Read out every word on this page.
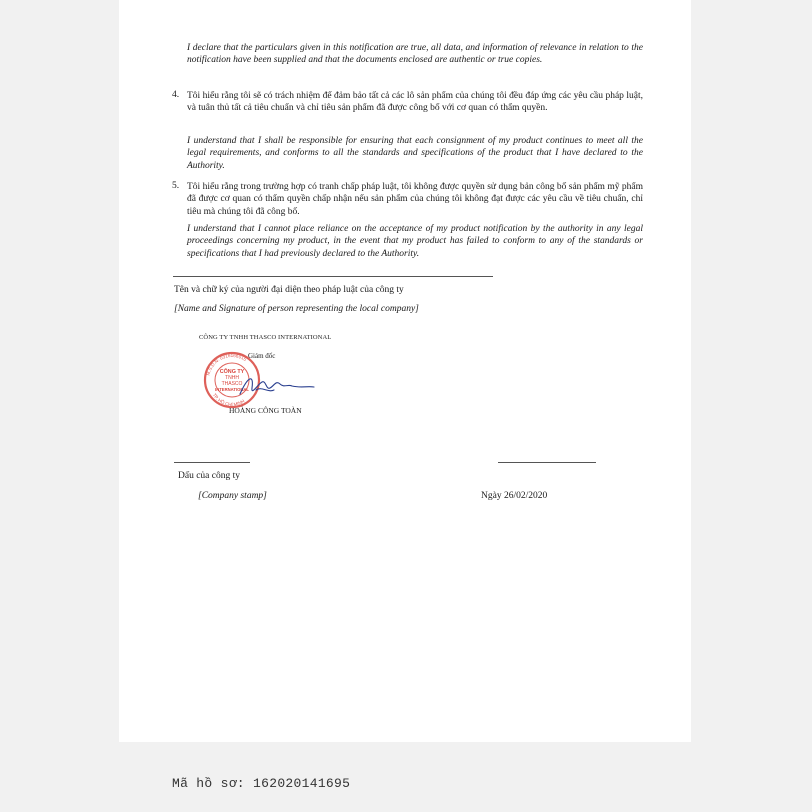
I declare that the particulars given in this notification are true, all data, and information of relevance in relation to the notification have been supplied and that the documents enclosed are authentic or true copies.
4. Tôi hiểu rằng tôi sẽ có trách nhiệm để đảm bảo tất cả các lô sản phẩm của chúng tôi đều đáp ứng các yêu cầu pháp luật, và tuân thủ tất cả tiêu chuẩn và chỉ tiêu sản phẩm đã được công bố với cơ quan có thẩm quyền.
I understand that I shall be responsible for ensuring that each consignment of my product continues to meet all the legal requirements, and conforms to all the standards and specifications of the product that I have declared to the Authority.
5. Tôi hiểu rằng trong trường hợp có tranh chấp pháp luật, tôi không được quyền sử dụng bản công bố sản phẩm mỹ phẩm đã được cơ quan có thẩm quyền chấp nhận nếu sản phẩm của chúng tôi không đạt được các yêu cầu về tiêu chuẩn, chỉ tiêu mà chúng tôi đã công bố.
I understand that I cannot place reliance on the acceptance of my product notification by the authority in any legal proceedings concerning my product, in the event that my product has failed to conform to any of the standards or specifications that I had previously declared to the Authority.
Tên và chữ ký của người đại diện theo pháp luật của công ty
[Name and Signature of person representing the local company]
CÔNG TY TNHH THASCO INTERNATIONAL
Giám đốc
M.S.D.N: 0316166015
TP. HỒ CHÍ MINH
CÔNG TY
TNHH
THASCO
INTERNATIONAL
HOÀNG CÔNG TOÀN
Dấu của công ty
[Company stamp]	Ngày 26/02/2020
Mã hồ sơ: 162020141695
